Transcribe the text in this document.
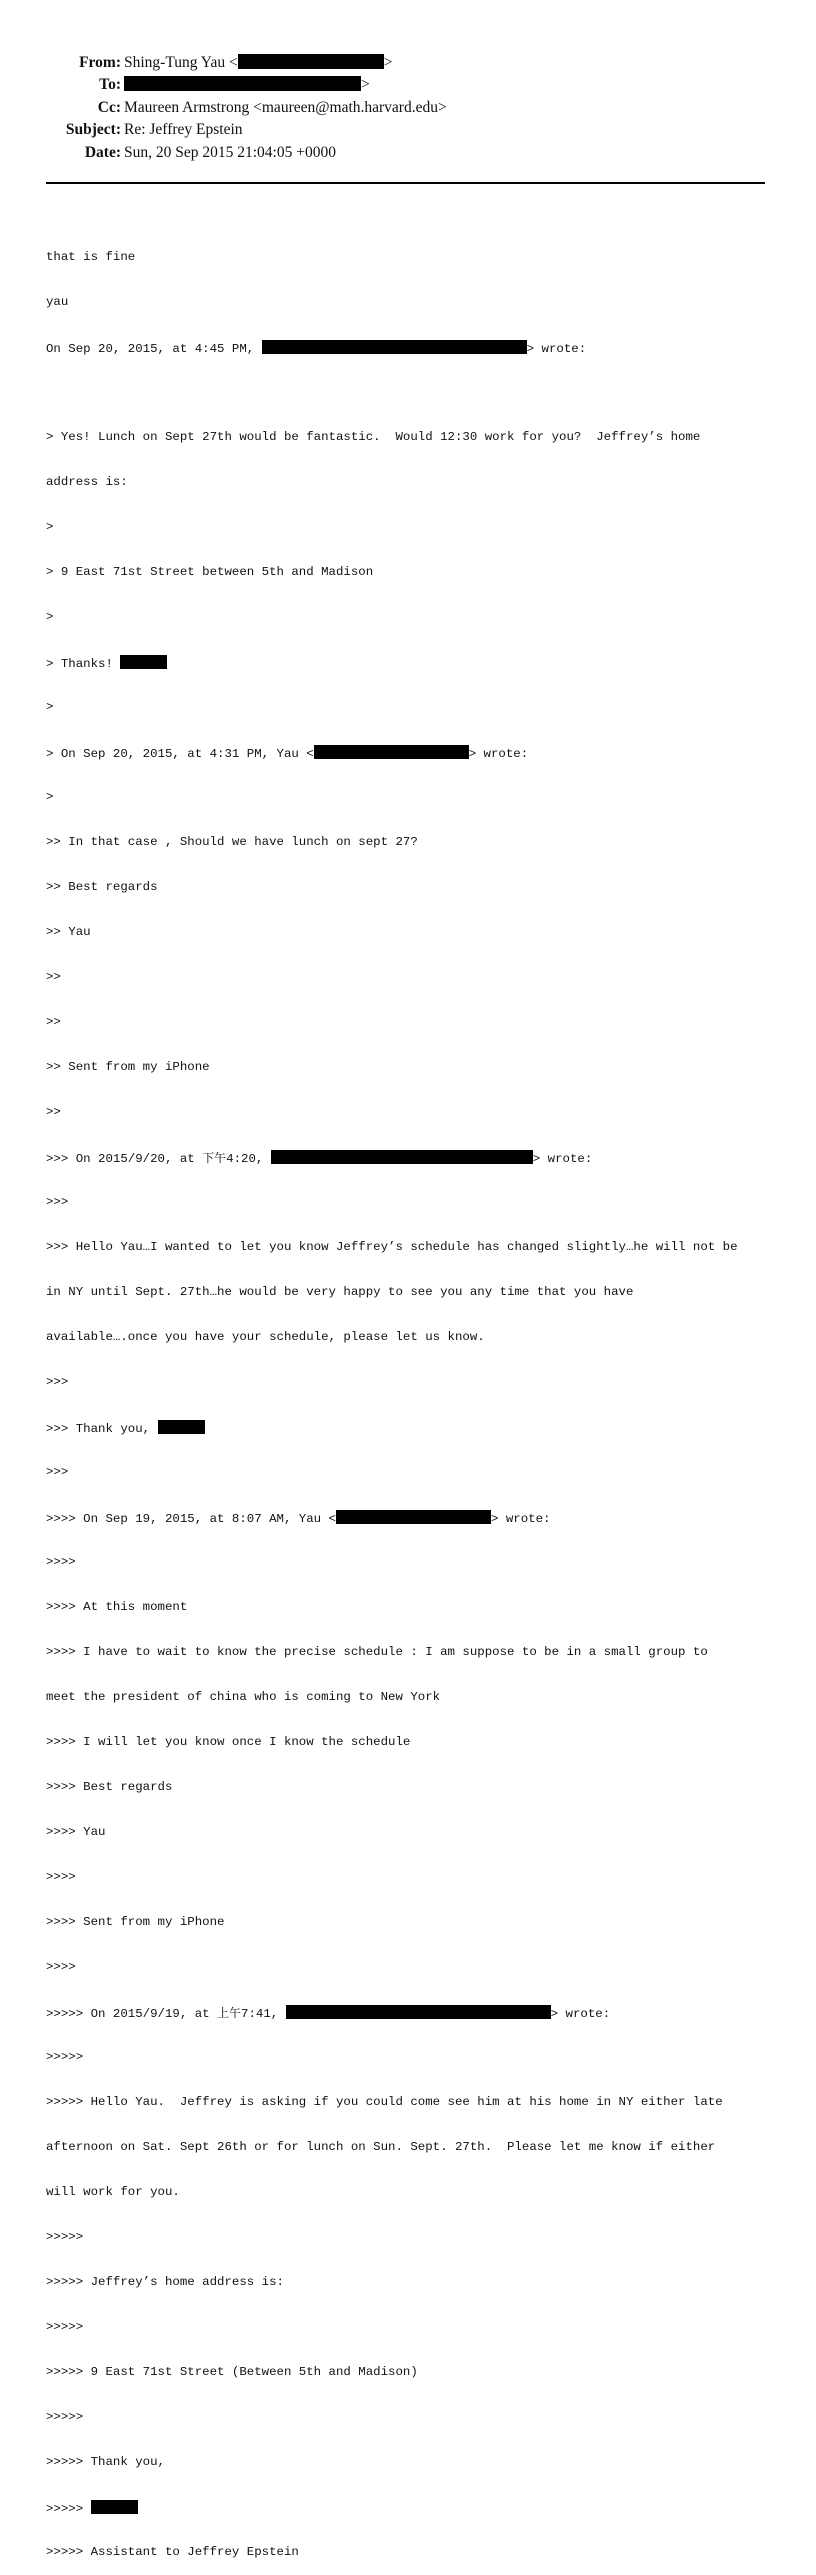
From: Shing-Tung Yau <	>
To:	>
Cc: Maureen Armstrong <maureen@math.harvard.edu>
Subject: Re: Jeffrey Epstein
Date: Sun, 20 Sep 2015 21:04:05 +0000

that is fine

yau

On Sep 20, 2015, at 4:45 PM,	> wrote:

> Yes! Lunch on Sept 27th would be fantastic.  Would 12:30 work for you?  Jeffrey’s home

address is:

>

> 9 East 71st Street between 5th and Madison

>

> Thanks!

>

> On Sep 20, 2015, at 4:31 PM, Yau <	> wrote:

>

>> In that case , Should we have lunch on sept 27?

>> Best regards

>> Yau

>>

>>

>> Sent from my iPhone

>>

>>> On 2015/9/20, at 下午4:20,	> wrote:

>>>

>>> Hello Yau…I wanted to let you know Jeffrey’s schedule has changed slightly…he will not be

in NY until Sept. 27th…he would be very happy to see you any time that you have

available….once you have your schedule, please let us know.

>>>

>>> Thank you,

>>>

>>>> On Sep 19, 2015, at 8:07 AM, Yau <	> wrote:

>>>>

>>>> At this moment

>>>> I have to wait to know the precise schedule : I am suppose to be in a small group to

meet the president of china who is coming to New York

>>>> I will let you know once I know the schedule

>>>> Best regards

>>>> Yau

>>>>

>>>> Sent from my iPhone

>>>>

>>>>> On 2015/9/19, at 上午7:41,	> wrote:

>>>>>

>>>>> Hello Yau.  Jeffrey is asking if you could come see him at his home in NY either late

afternoon on Sat. Sept 26th or for lunch on Sun. Sept. 27th.  Please let me know if either

will work for you.

>>>>>

>>>>> Jeffrey’s home address is:

>>>>>

>>>>> 9 East 71st Street (Between 5th and Madison)

>>>>>

>>>>> Thank you,

>>>>>

>>>>> Assistant to Jeffrey Epstein
